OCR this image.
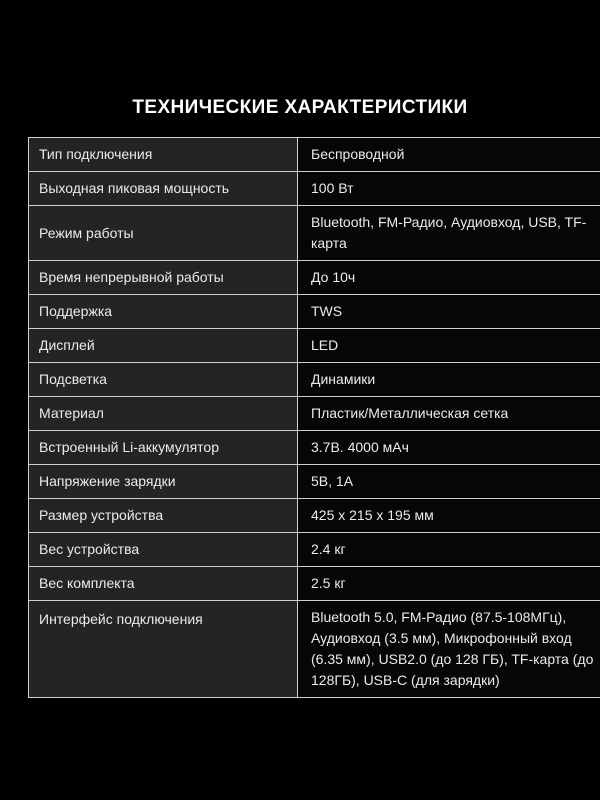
ТЕХНИЧЕСКИЕ ХАРАКТЕРИСТИКИ
Тип подключения	Беспроводной
Выходная пиковая мощность	100 Вт
Режим работы	Bluetooth, FM-Радио, Аудиовход, USB, TF-карта
Время непрерывной работы	До 10ч
Поддержка	TWS
Дисплей	LED
Подсветка	Динамики
Материал	Пластик/Металлическая сетка
Встроенный Li-аккумулятор	3.7В. 4000 мАч
Напряжение зарядки	5В, 1А
Размер устройства	425 x 215 x 195 мм
Вес устройства	2.4 кг
Вес комплекта	2.5 кг
Интерфейс подключения	Bluetooth 5.0, FM-Радио (87.5-108МГц), Аудиовход (3.5 мм), Микрофонный вход (6.35 мм), USB2.0 (до 128 ГБ), TF-карта (до 128ГБ), USB-C (для зарядки)
